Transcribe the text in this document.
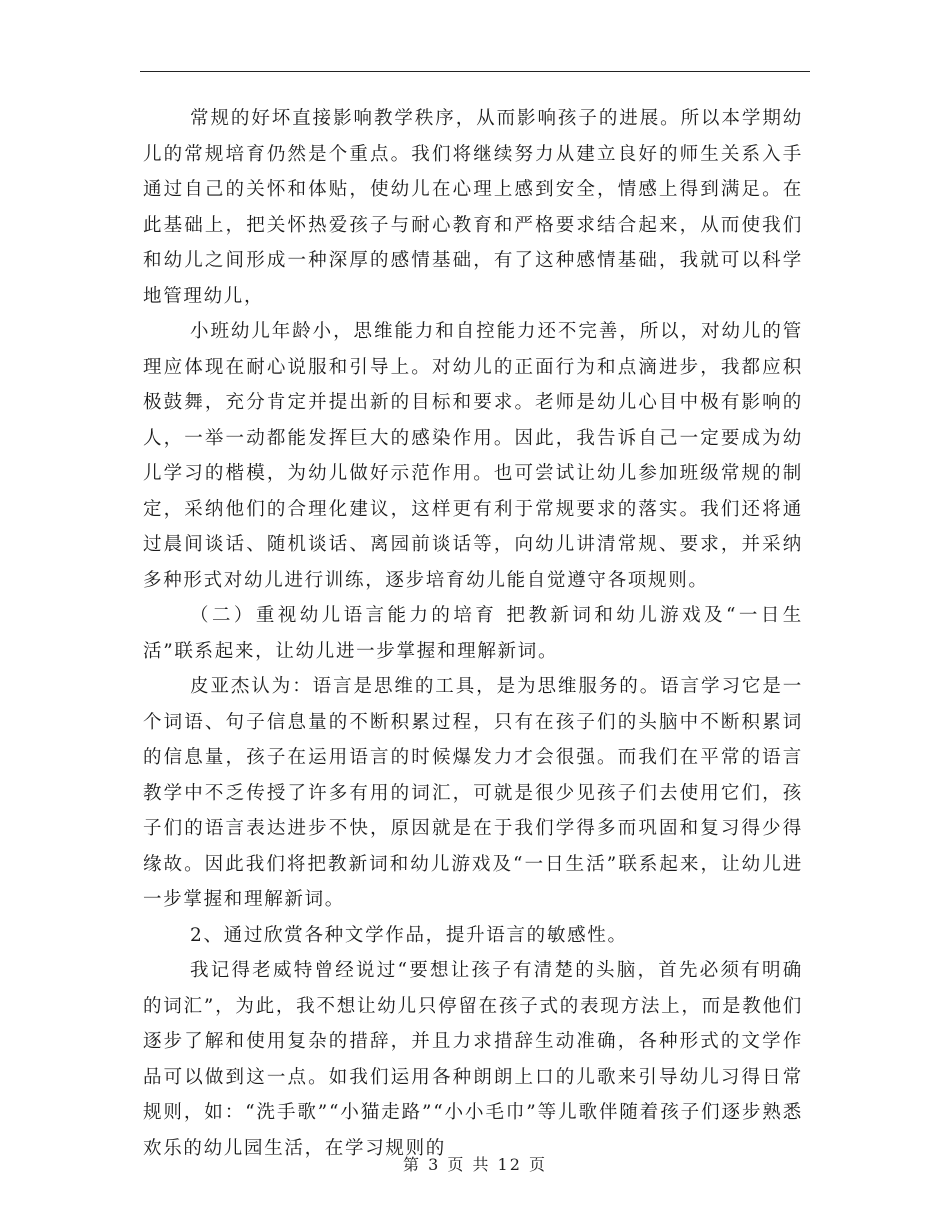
常规的好坏直接影响教学秩序，从而影响孩子的进展。所以本学期幼儿的常规培育仍然是个重点。我们将继续努力从建立良好的师生关系入手通过自己的关怀和体贴，使幼儿在心理上感到安全，情感上得到满足。在此基础上，把关怀热爱孩子与耐心教育和严格要求结合起来，从而使我们和幼儿之间形成一种深厚的感情基础，有了这种感情基础，我就可以科学地管理幼儿，

小班幼儿年龄小，思维能力和自控能力还不完善，所以，对幼儿的管理应体现在耐心说服和引导上。对幼儿的正面行为和点滴进步，我都应积极鼓舞，充分肯定并提出新的目标和要求。老师是幼儿心目中极有影响的人，一举一动都能发挥巨大的感染作用。因此，我告诉自己一定要成为幼儿学习的楷模，为幼儿做好示范作用。也可尝试让幼儿参加班级常规的制定，采纳他们的合理化建议，这样更有利于常规要求的落实。我们还将通过晨间谈话、随机谈话、离园前谈话等，向幼儿讲清常规、要求，并采纳多种形式对幼儿进行训练，逐步培育幼儿能自觉遵守各项规则。

（二）重视幼儿语言能力的培育 把教新词和幼儿游戏及“一日生活”联系起来，让幼儿进一步掌握和理解新词。

皮亚杰认为：语言是思维的工具，是为思维服务的。语言学习它是一个词语、句子信息量的不断积累过程，只有在孩子们的头脑中不断积累词的信息量，孩子在运用语言的时候爆发力才会很强。而我们在平常的语言教学中不乏传授了许多有用的词汇，可就是很少见孩子们去使用它们，孩子们的语言表达进步不快，原因就是在于我们学得多而巩固和复习得少得缘故。因此我们将把教新词和幼儿游戏及“一日生活”联系起来，让幼儿进一步掌握和理解新词。

2、通过欣赏各种文学作品，提升语言的敏感性。

我记得老威特曾经说过“要想让孩子有清楚的头脑，首先必须有明确的词汇”，为此，我不想让幼儿只停留在孩子式的表现方法上，而是教他们逐步了解和使用复杂的措辞，并且力求措辞生动准确，各种形式的文学作品可以做到这一点。如我们运用各种朗朗上口的儿歌来引导幼儿习得日常规则，如：“洗手歌”“小猫走路”“小小毛巾”等儿歌伴随着孩子们逐步熟悉欢乐的幼儿园生活，在学习规则的

第 3 页 共 12 页
